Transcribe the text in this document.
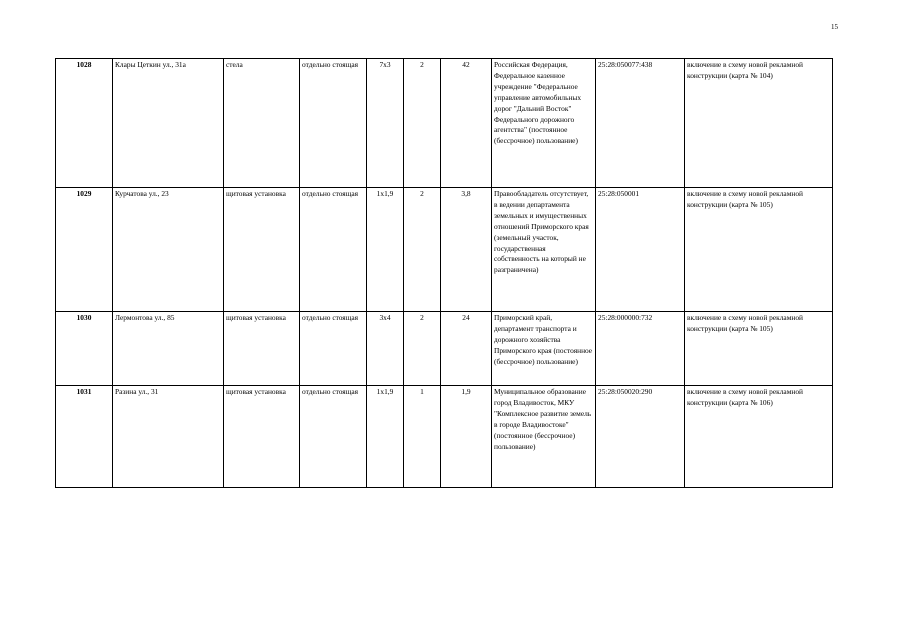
15
1028	Клары Цеткин ул., 31а	стела	отдельно стоящая	7x3	2	42	Российская Федерация, Федеральное казенное учреждение "Федеральное управление автомобильных дорог "Дальний Восток" Федерального дорожного агентства" (постоянное (бессрочное) пользование)	25:28:050077:438	включение в схему новой рекламной конструкции (карта № 104)
1029	Курчатова ул., 23	щитовая установка	отдельно стоящая	1x1,9	2	3,8	Правообладатель отсутствует, в ведении департамента земельных и имущественных отношений Приморского края (земельный участок, государственная собственность на который не разграничена)	25:28:050001	включение в схему новой рекламной конструкции (карта № 105)
1030	Лермонтова ул., 85	щитовая установка	отдельно стоящая	3x4	2	24	Приморский край, департамент транспорта и дорожного хозяйства Приморского края (постоянное (бессрочное) пользование)	25:28:000000:732	включение в схему новой рекламной конструкции (карта № 105)
1031	Разина ул., 31	щитовая установка	отдельно стоящая	1x1,9	1	1,9	Муниципальное образование город Владивосток, МКУ "Комплексное развитие земель в городе Владивостоке" (постоянное (бессрочное) пользование)	25:28:050020:290	включение в схему новой рекламной конструкции (карта № 106)
